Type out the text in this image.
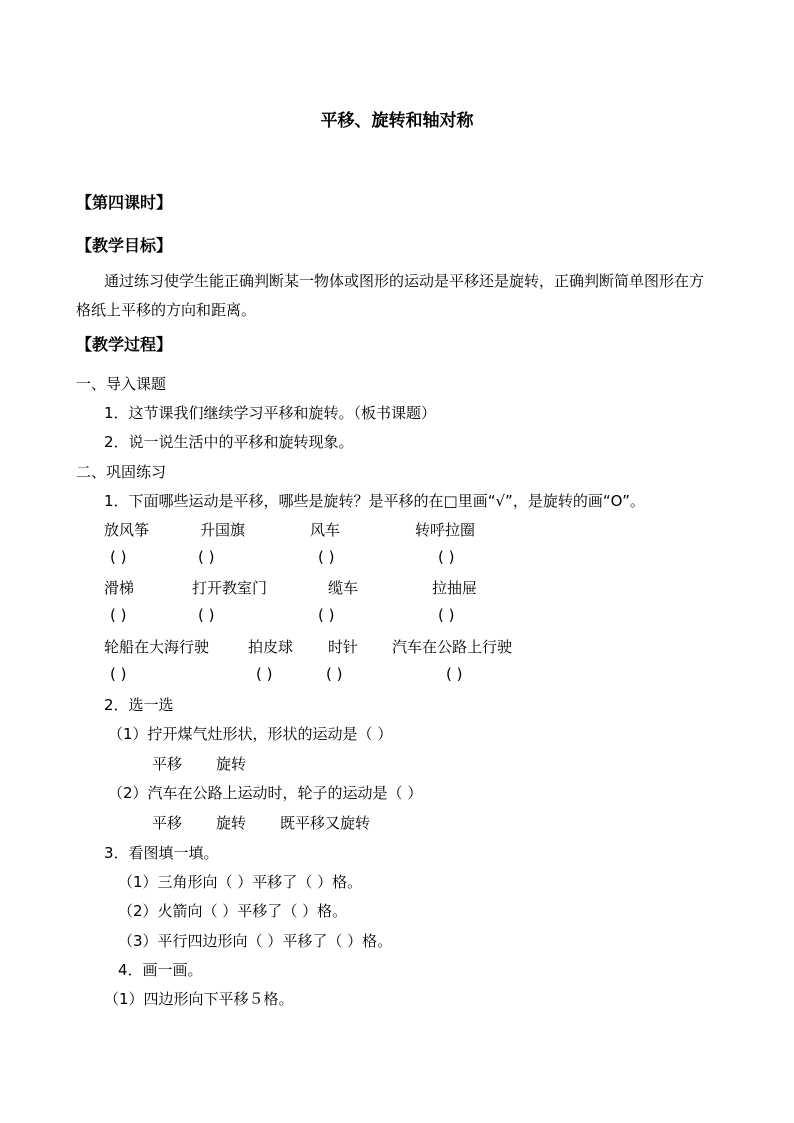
平移、旋转和轴对称
【第四课时】
【教学目标】
通过练习使学生能正确判断某一物体或图形的运动是平移还是旋转，正确判断简单图形在方格纸上平移的方向和距离。
【教学过程】
一、导入课题
1．这节课我们继续学习平移和旋转。（板书课题）
2．说一说生活中的平移和旋转现象。
二、巩固练习
1．下面哪些运动是平移，哪些是旋转？是平移的在□里画“√”，是旋转的画“O”。
放风筝	升国旗	风车	转呼拉圈
( )	( )	( )	( )
滑梯	打开教室门	缆车	拉抽屉
( )	( )	( )	( )
轮船在大海行驶	拍皮球 时针 汽车在公路上行驶
( )	( )	( )	( )
2．选一选
（1）拧开煤气灶形状，形状的运动是（ ）
平移 旋转
（2）汽车在公路上运动时，轮子的运动是（ ）
平移 旋转 既平移又旋转
3．看图填一填。
（1）三角形向（ ）平移了（ ）格。
（2）火箭向（ ）平移了（ ）格。
（3）平行四边形向（ ）平移了（ ）格。
4．画一画。
（1）四边形向下平移５格。
